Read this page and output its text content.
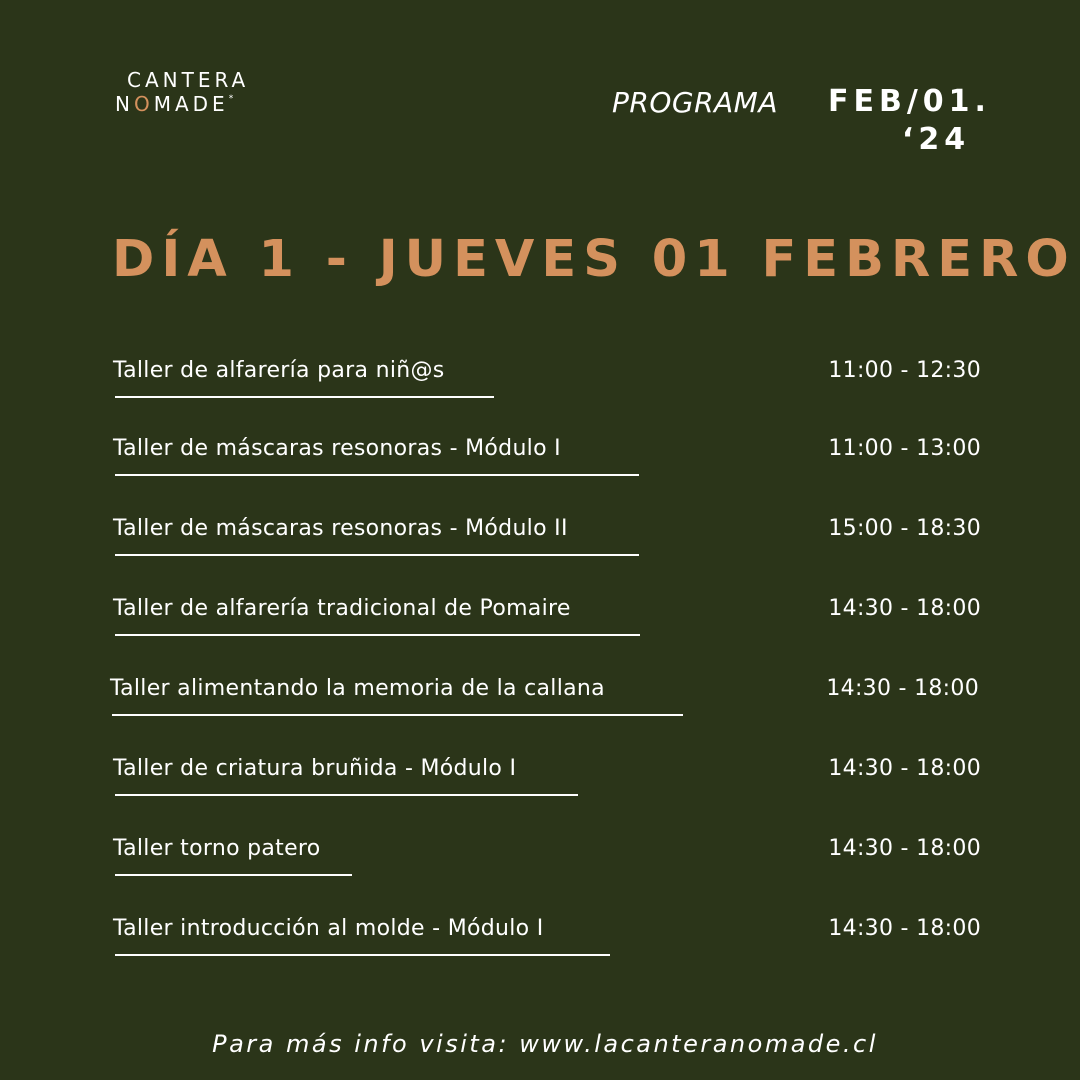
CANTERA
NOMADE*	PROGRAMA FEB/01.
‘24
DÍA 1 - JUEVES 01 FEBRERO
Taller de alfarería para niñ@s	11:00 - 12:30
Taller de máscaras resonoras - Módulo I	11:00 - 13:00
Taller de máscaras resonoras - Módulo II	15:00 - 18:30
Taller de alfarería tradicional de Pomaire	14:30 - 18:00
Taller alimentando la memoria de la callana	14:30 - 18:00
Taller de criatura bruñida - Módulo I	14:30 - 18:00
Taller torno patero	14:30 - 18:00
Taller introducción al molde - Módulo I	14:30 - 18:00
Para más info visita: www.lacanteranomade.cl
